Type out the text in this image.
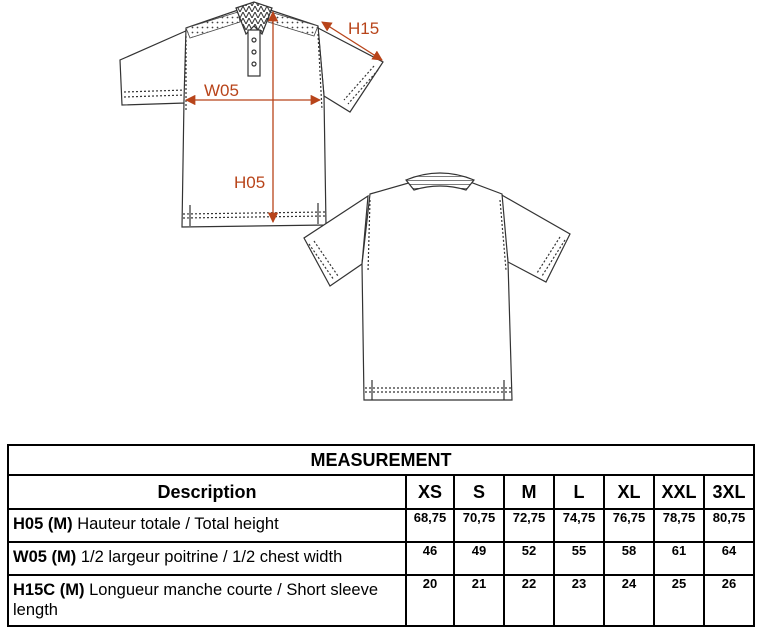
H15
W05
H05
MEASUREMENT							
Description	XS	S	M	L	XL	XXL	3XL
H05 (M) Hauteur totale / Total height	68,75	70,75	72,75	74,75	76,75	78,75	80,75
W05 (M) 1/2 largeur poitrine / 1/2 chest width	46	49	52	55	58	61	64
H15C (M) Longueur manche courte / Short sleeve length	20	21	22	23	24	25	26
